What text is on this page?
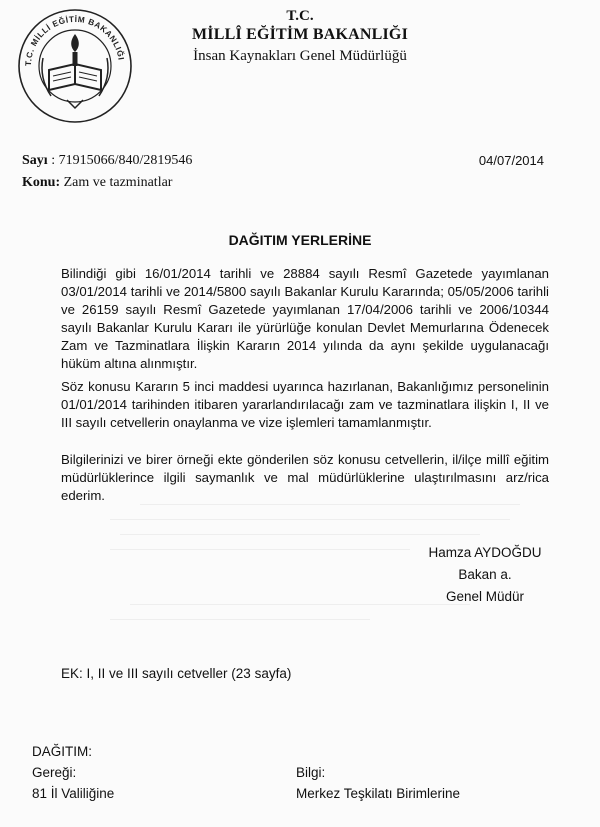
T.C. MİLLİ EĞİTİM BAKANLIĞI
T.C.
MİLLÎ EĞİTİM BAKANLIĞI
İnsan Kaynakları Genel Müdürlüğü
Sayı : 71915066/840/2819546
Konu: Zam ve tazminatlar
04/07/2014
DAĞITIM YERLERİNE
Bilindiği gibi 16/01/2014 tarihli ve 28884 sayılı Resmî Gazetede yayımlanan 03/01/2014 tarihli ve 2014/5800 sayılı Bakanlar Kurulu Kararında; 05/05/2006 tarihli ve 26159 sayılı Resmî Gazetede yayımlanan 17/04/2006 tarihli ve 2006/10344 sayılı Bakanlar Kurulu Kararı ile yürürlüğe konulan Devlet Memurlarına Ödenecek Zam ve Tazminatlara İlişkin Kararın 2014 yılında da aynı şekilde uygulanacağı hüküm altına alınmıştır.
Söz konusu Kararın 5 inci maddesi uyarınca hazırlanan, Bakanlığımız personelinin 01/01/2014 tarihinden itibaren yararlandırılacağı zam ve tazminatlara ilişkin I, II ve III sayılı cetvellerin onaylanma ve vize işlemleri tamamlanmıştır.
Bilgilerinizi ve birer örneği ekte gönderilen söz konusu cetvellerin, il/ilçe millî eğitim müdürlüklerince ilgili saymanlık ve mal müdürlüklerine ulaştırılmasını arz/rica ederim.
Hamza AYDOĞDU
Bakan a.
Genel Müdür
EK: I, II ve III sayılı cetveller (23 sayfa)
DAĞITIM:
Gereği:
81 İl Valiliğine
Bilgi:
Merkez Teşkilatı Birimlerine
